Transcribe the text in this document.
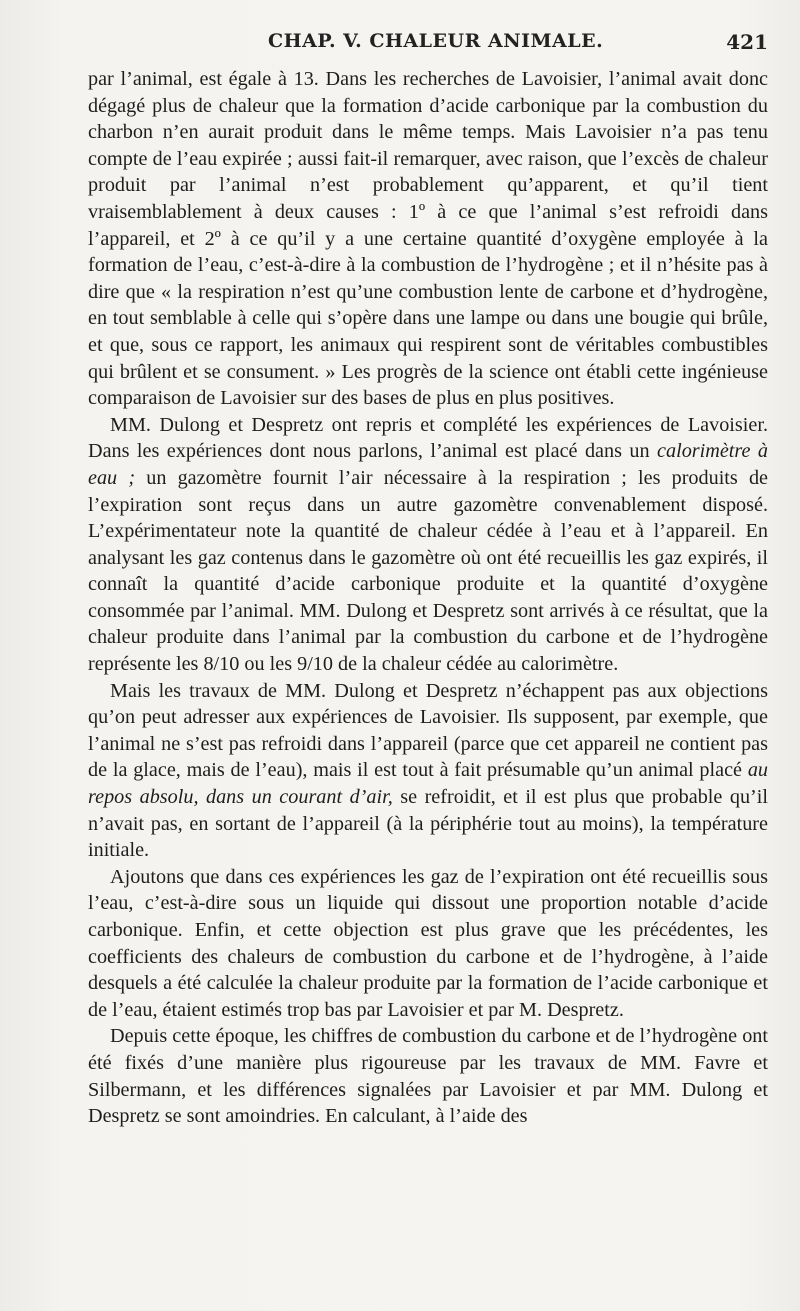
CHAP. V. CHALEUR ANIMALE.	421

par l’animal, est égale à 13. Dans les recherches de Lavoisier, l’animal avait donc dégagé plus de chaleur que la formation d’acide carbonique par la combustion du charbon n’en aurait produit dans le même temps. Mais Lavoisier n’a pas tenu compte de l’eau expirée ; aussi fait-il remarquer, avec raison, que l’excès de chaleur produit par l’animal n’est probablement qu’apparent, et qu’il tient vraisemblablement à deux causes : 1º à ce que l’animal s’est refroidi dans l’appareil, et 2º à ce qu’il y a une certaine quantité d’oxygène employée à la formation de l’eau, c’est-à-dire à la combustion de l’hydrogène ; et il n’hésite pas à dire que « la respiration n’est qu’une combustion lente de carbone et d’hydrogène, en tout semblable à celle qui s’opère dans une lampe ou dans une bougie qui brûle, et que, sous ce rapport, les animaux qui respirent sont de véritables combustibles qui brûlent et se consument. » Les progrès de la science ont établi cette ingénieuse comparaison de Lavoisier sur des bases de plus en plus positives.

MM. Dulong et Despretz ont repris et complété les expériences de Lavoisier. Dans les expériences dont nous parlons, l’animal est placé dans un calorimètre à eau ; un gazomètre fournit l’air nécessaire à la respiration ; les produits de l’expiration sont reçus dans un autre gazomètre convenablement disposé. L’expérimentateur note la quantité de chaleur cédée à l’eau et à l’appareil. En analysant les gaz contenus dans le gazomètre où ont été recueillis les gaz expirés, il connaît la quantité d’acide carbonique produite et la quantité d’oxygène consommée par l’animal. MM. Dulong et Despretz sont arrivés à ce résultat, que la chaleur produite dans l’animal par la combustion du carbone et de l’hydrogène représente les 8/10 ou les 9/10 de la chaleur cédée au calorimètre.

Mais les travaux de MM. Dulong et Despretz n’échappent pas aux objections qu’on peut adresser aux expériences de Lavoisier. Ils supposent, par exemple, que l’animal ne s’est pas refroidi dans l’appareil (parce que cet appareil ne contient pas de la glace, mais de l’eau), mais il est tout à fait présumable qu’un animal placé au repos absolu, dans un courant d’air, se refroidit, et il est plus que probable qu’il n’avait pas, en sortant de l’appareil (à la périphérie tout au moins), la température initiale.

Ajoutons que dans ces expériences les gaz de l’expiration ont été recueillis sous l’eau, c’est-à-dire sous un liquide qui dissout une proportion notable d’acide carbonique. Enfin, et cette objection est plus grave que les précédentes, les coefficients des chaleurs de combustion du carbone et de l’hydrogène, à l’aide desquels a été calculée la chaleur produite par la formation de l’acide carbonique et de l’eau, étaient estimés trop bas par Lavoisier et par M. Despretz.

Depuis cette époque, les chiffres de combustion du carbone et de l’hydrogène ont été fixés d’une manière plus rigoureuse par les travaux de MM. Favre et Silbermann, et les différences signalées par Lavoisier et par MM. Dulong et Despretz se sont amoindries. En calculant, à l’aide des
